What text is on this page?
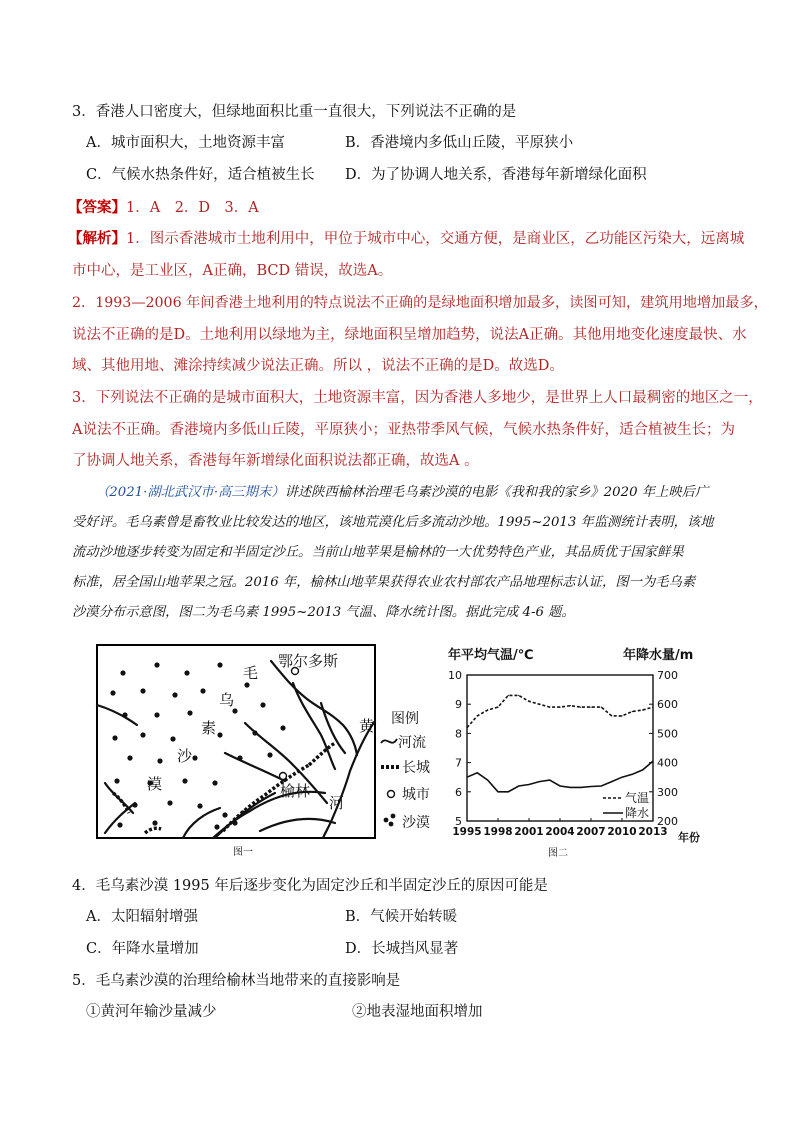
3．香港人口密度大，但绿地面积比重一直很大，下列说法不正确的是
A．城市面积大，土地资源丰富	B．香港境内多低山丘陵，平原狭小
C．气候水热条件好，适合植被生长 D．为了协调人地关系，香港每年新增绿化面积
【答案】1．A　2．D　3．A
【解析】1．图示香港城市土地利用中，甲位于城市中心，交通方便，是商业区，乙功能区污染大，远离城
市中心，是工业区，A正确，BCD 错误，故选A。
2．1993—2006 年间香港土地利用的特点说法不正确的是绿地面积增加最多，读图可知，建筑用地增加最多，
说法不正确的是D。土地利用以绿地为主，绿地面积呈增加趋势，说法A正确。其他用地变化速度最快、水
域、其他用地、滩涂持续减少说法正确。所以 ，说法不正确的是D。故选D。
3．下列说法不正确的是城市面积大，土地资源丰富，因为香港人多地少，是世界上人口最稠密的地区之一，
A说法不正确。香港境内多低山丘陵，平原狭小；亚热带季风气候，气候水热条件好，适合植被生长；为
了协调人地关系，香港每年新增绿化面积说法都正确，故选A 。
（2021·湖北武汉市·高三期末）讲述陕西榆林治理毛乌素沙漠的电影《我和我的家乡》2020 年上映后广
受好评。毛乌素曾是畜牧业比较发达的地区，该地荒漠化后多流动沙地。1995~2013 年监测统计表明，该地
流动沙地逐步转变为固定和半固定沙丘。当前山地苹果是榆林的一大优势特色产业，其品质优于国家鲜果
标准，居全国山地苹果之冠。2016 年，榆林山地苹果获得农业农村部农产品地理标志认证，图一为毛乌素
沙漠分布示意图，图二为毛乌素 1995~2013 气温、降水统计图。据此完成 4-6 题。
鄂尔多斯
毛
乌
素
沙
漠	榆林
黄
河
图例
河流
长城
城市
沙漠
图一
年平均气温/℃	年降水量/m
5
6
7
8
9
10
200
300
400
500
600
700
1995 1998 2001 2004 2007 2010 2013
气温
降水
年份
图二
4．毛乌素沙漠 1995 年后逐步变化为固定沙丘和半固定沙丘的原因可能是
A．太阳辐射增强	B．气候开始转暖
C．年降水量增加	D．长城挡风显著
5．毛乌素沙漠的治理给榆林当地带来的直接影响是
①黄河年输沙量减少	②地表湿地面积增加
